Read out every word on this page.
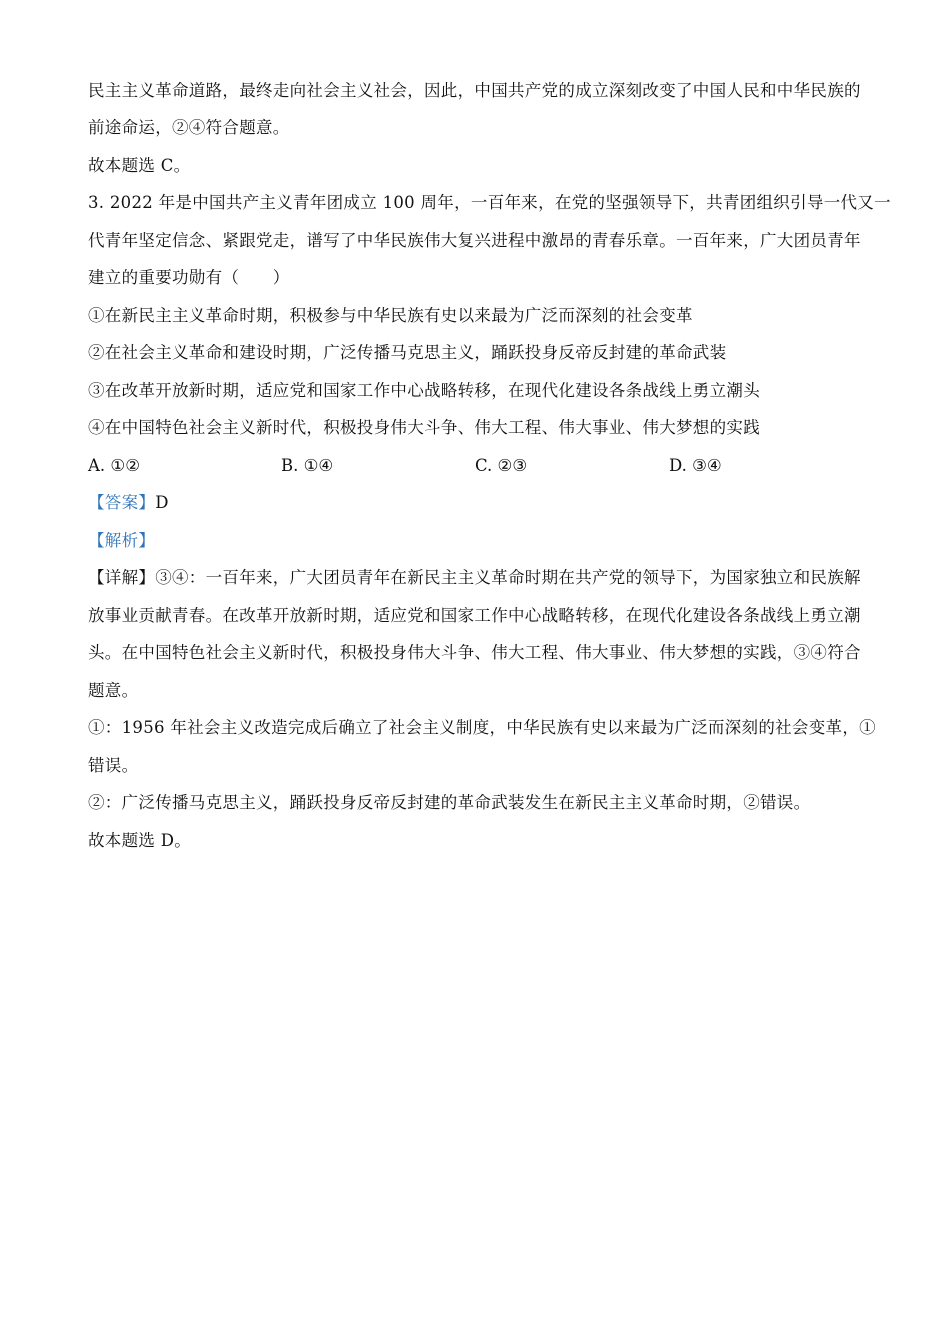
民主主义革命道路，最终走向社会主义社会，因此，中国共产党的成立深刻改变了中国人民和中华民族的
前途命运，②④符合题意。
故本题选 C。
3. 2022 年是中国共产主义青年团成立 100 周年，一百年来，在党的坚强领导下，共青团组织引导一代又一
代青年坚定信念、紧跟党走，谱写了中华民族伟大复兴进程中激昂的青春乐章。一百年来，广大团员青年
建立的重要功勋有（　　）
①在新民主主义革命时期，积极参与中华民族有史以来最为广泛而深刻的社会变革
②在社会主义革命和建设时期，广泛传播马克思主义，踊跃投身反帝反封建的革命武装
③在改革开放新时期，适应党和国家工作中心战略转移，在现代化建设各条战线上勇立潮头
④在中国特色社会主义新时代，积极投身伟大斗争、伟大工程、伟大事业、伟大梦想的实践
A. ①②	B. ①④	C. ②③	D. ③④
【答案】D
【解析】
【详解】③④：一百年来，广大团员青年在新民主主义革命时期在共产党的领导下，为国家独立和民族解
放事业贡献青春。在改革开放新时期，适应党和国家工作中心战略转移，在现代化建设各条战线上勇立潮
头。在中国特色社会主义新时代，积极投身伟大斗争、伟大工程、伟大事业、伟大梦想的实践，③④符合
题意。
①：1956 年社会主义改造完成后确立了社会主义制度，中华民族有史以来最为广泛而深刻的社会变革，①
错误。
②：广泛传播马克思主义，踊跃投身反帝反封建的革命武装发生在新民主主义革命时期，②错误。
故本题选 D。
